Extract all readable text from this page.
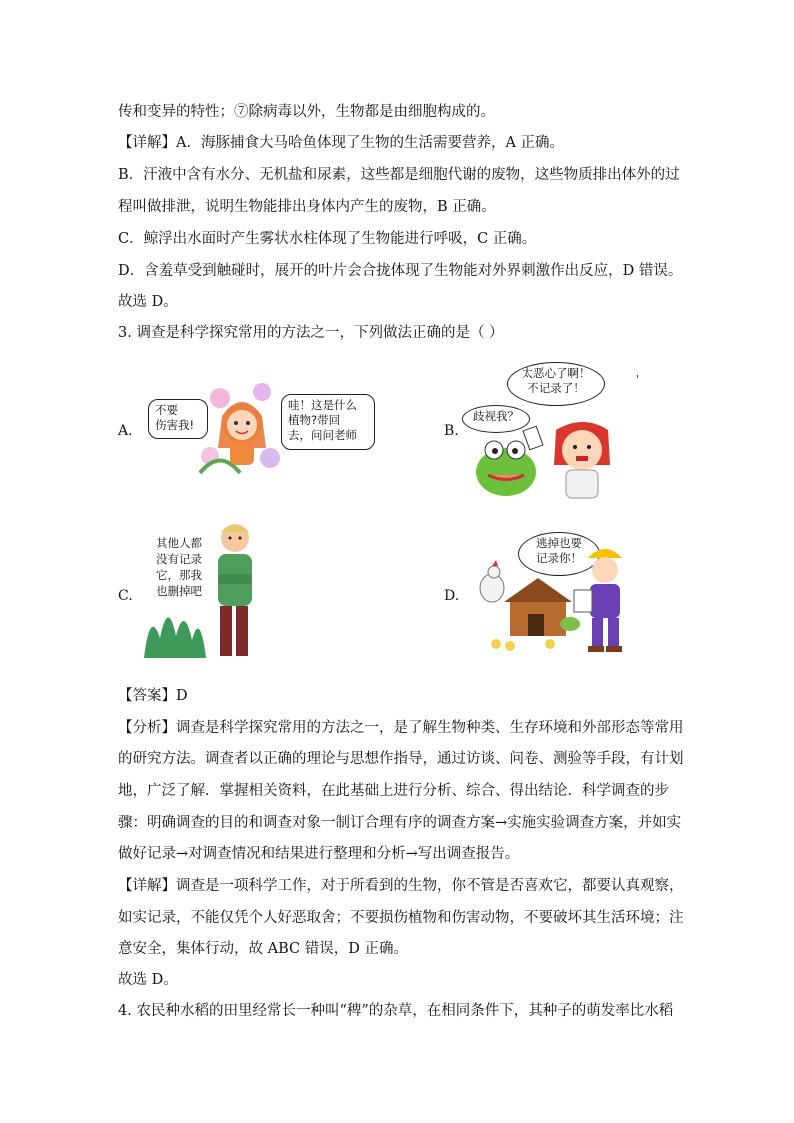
传和变异的特性；⑦除病毒以外，生物都是由细胞构成的。
【详解】A．海豚捕食大马哈鱼体现了生物的生活需要营养，A 正确。
B．汗液中含有水分、无机盐和尿素，这些都是细胞代谢的废物，这些物质排出体外的过
程叫做排泄，说明生物能排出身体内产生的废物，B 正确。
C．鲸浮出水面时产生雾状水柱体现了生物能进行呼吸，C 正确。
D．含羞草受到触碰时，展开的叶片会合拢体现了生物能对外界刺激作出反应，D 错误。
故选 D。
3. 调查是科学探究常用的方法之一，下列做法正确的是（ ）
A.
不要
伤害我!
哇！这是什么
植物?带回
去，问问老师	B.
太恶心了啊！
不记录了！
歧视我？
'
C.
其他人都
没有记录
它，那我
也删掉吧	D.
逃掉也要
记录你！
【答案】D
【分析】调查是科学探究常用的方法之一，是了解生物种类、生存环境和外部形态等常用
的研究方法。调查者以正确的理论与思想作指导，通过访谈、问卷、测验等手段，有计划
地，广泛了解．掌握相关资料，在此基础上进行分析、综合、得出结论．科学调查的步
骤：明确调查的目的和调查对象一制订合理有序的调查方案→实施实验调查方案，并如实
做好记录→对调查情况和结果进行整理和分析→写出调查报告。
【详解】调查是一项科学工作，对于所看到的生物，你不管是否喜欢它，都要认真观察，
如实记录，不能仅凭个人好恶取舍；不要损伤植物和伤害动物，不要破坏其生活环境；注
意安全，集体行动，故 ABC 错误，D 正确。
故选 D。
4. 农民种水稻的田里经常长一种叫“稗”的杂草，在相同条件下，其种子的萌发率比水稻
